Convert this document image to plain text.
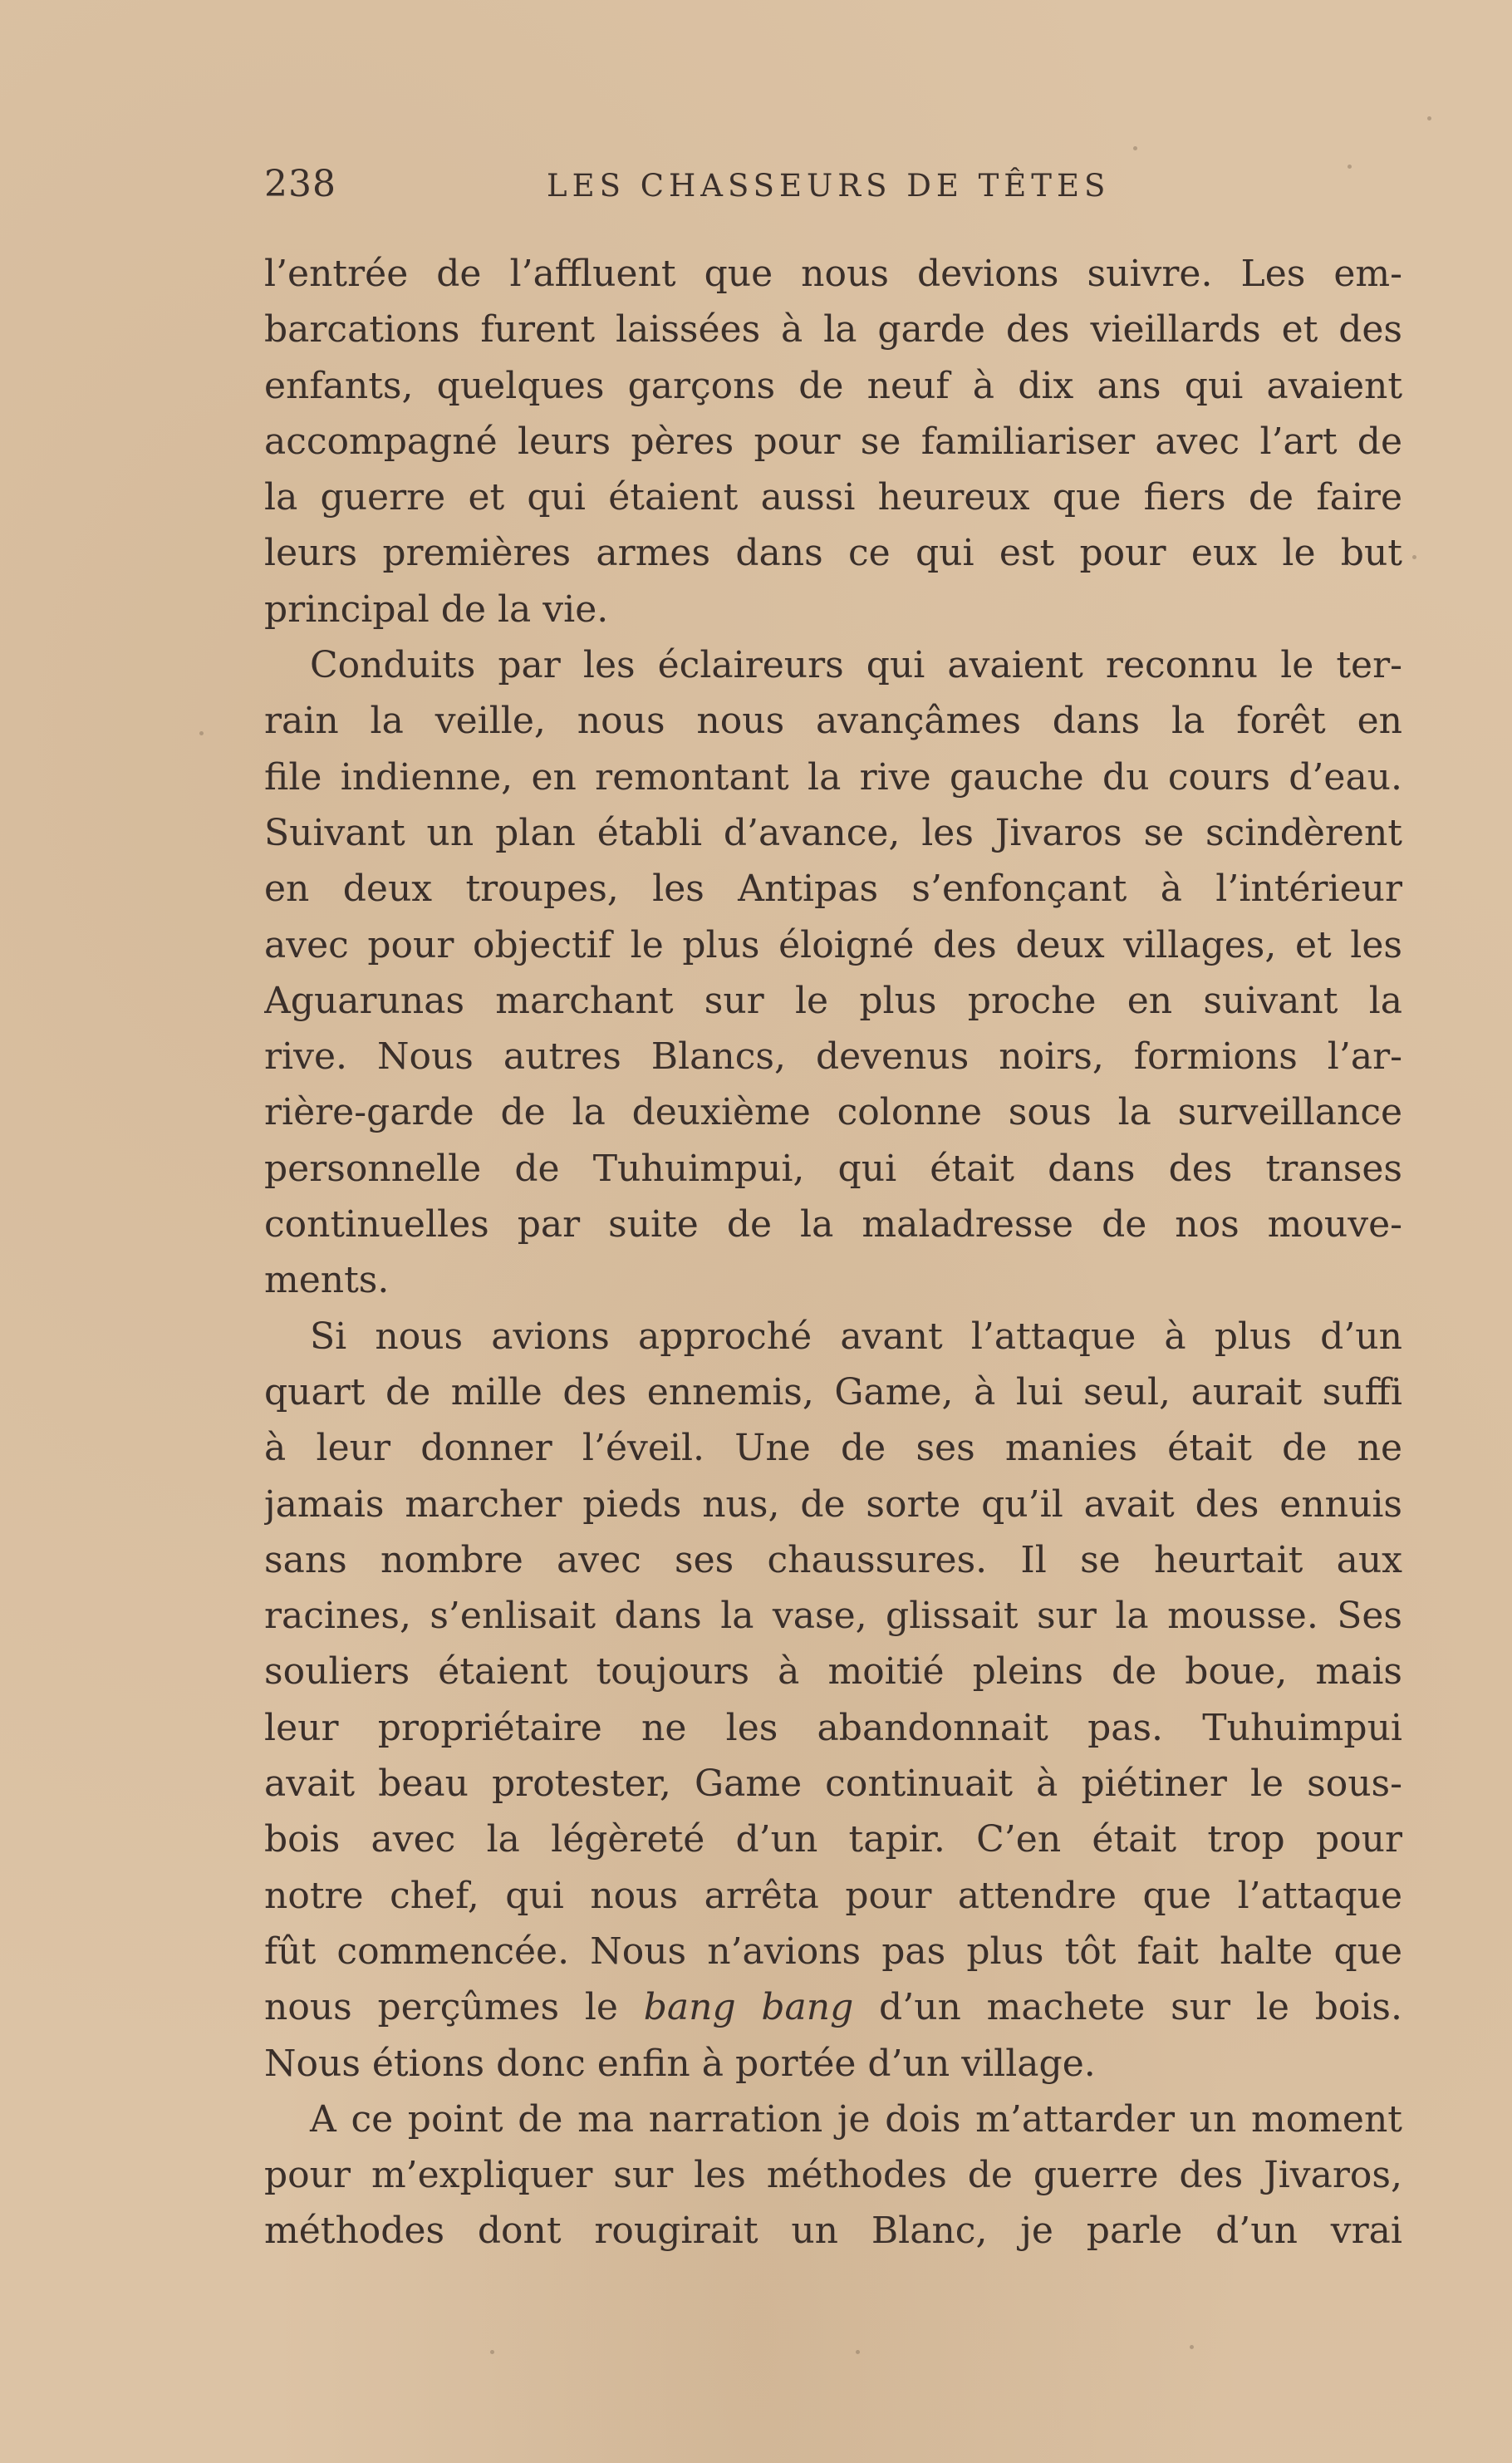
238	LES CHASSEURS DE TÊTES
l’entrée de l’affluent que nous devions suivre. Les em-
barcations furent laissées à la garde des vieillards et des
enfants, quelques garçons de neuf à dix ans qui avaient
accompagné leurs pères pour se familiariser avec l’art de
la guerre et qui étaient aussi heureux que fiers de faire
leurs premières armes dans ce qui est pour eux le but
principal de la vie.
Conduits par les éclaireurs qui avaient reconnu le ter-
rain la veille, nous nous avançâmes dans la forêt en
file indienne, en remontant la rive gauche du cours d’eau.
Suivant un plan établi d’avance, les Jivaros se scindèrent
en deux troupes, les Antipas s’enfonçant à l’intérieur
avec pour objectif le plus éloigné des deux villages, et les
Aguarunas marchant sur le plus proche en suivant la
rive. Nous autres Blancs, devenus noirs, formions l’ar-
rière-garde de la deuxième colonne sous la surveillance
personnelle de Tuhuimpui, qui était dans des transes
continuelles par suite de la maladresse de nos mouve-
ments.
Si nous avions approché avant l’attaque à plus d’un
quart de mille des ennemis, Game, à lui seul, aurait suffi
à leur donner l’éveil. Une de ses manies était de ne
jamais marcher pieds nus, de sorte qu’il avait des ennuis
sans nombre avec ses chaussures. Il se heurtait aux
racines, s’enlisait dans la vase, glissait sur la mousse. Ses
souliers étaient toujours à moitié pleins de boue, mais
leur propriétaire ne les abandonnait pas. Tuhuimpui
avait beau protester, Game continuait à piétiner le sous-
bois avec la légèreté d’un tapir. C’en était trop pour
notre chef, qui nous arrêta pour attendre que l’attaque
fût commencée. Nous n’avions pas plus tôt fait halte que
nous perçûmes le bang bang d’un machete sur le bois.
Nous étions donc enfin à portée d’un village.
A ce point de ma narration je dois m’attarder un moment
pour m’expliquer sur les méthodes de guerre des Jivaros,
méthodes dont rougirait un Blanc, je parle d’un vrai
